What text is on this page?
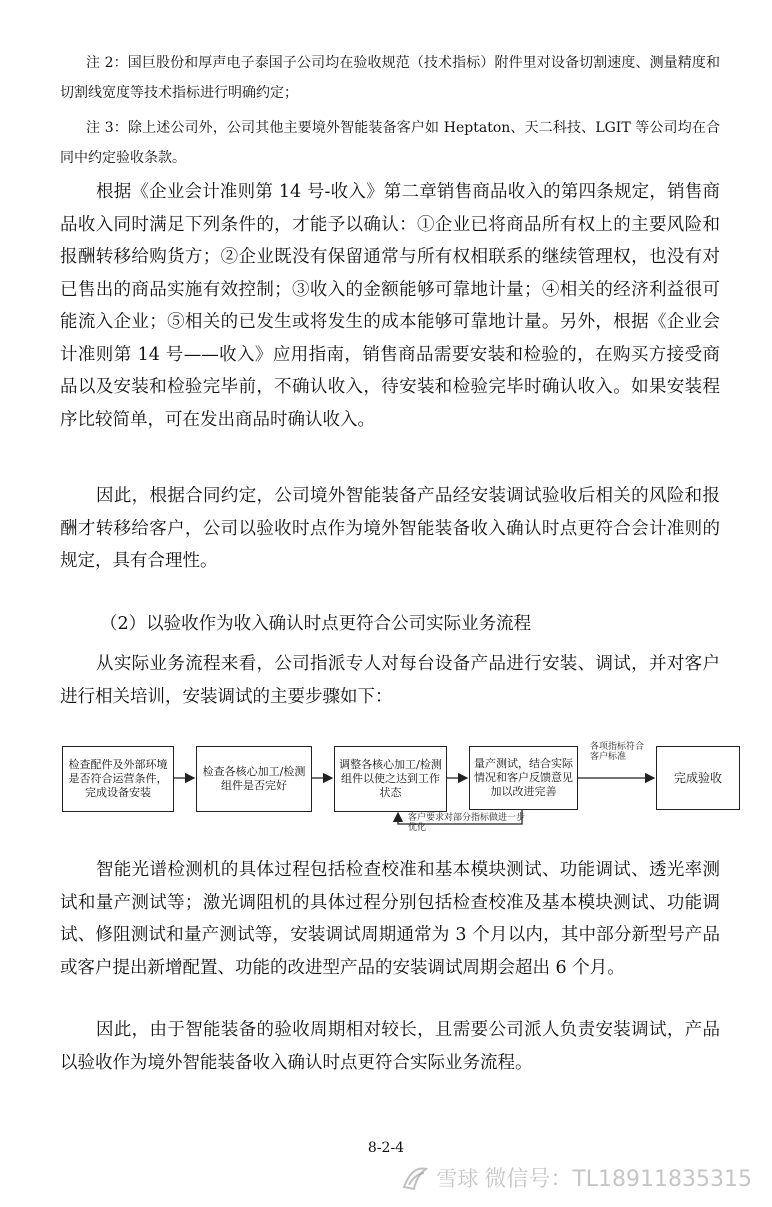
注 2：国巨股份和厚声电子泰国子公司均在验收规范（技术指标）附件里对设备切割速度、测量精度和切割线宽度等技术指标进行明确约定；
注 3：除上述公司外，公司其他主要境外智能装备客户如 Heptaton、天二科技、LGIT 等公司均在合同中约定验收条款。
根据《企业会计准则第 14 号-收入》第二章销售商品收入的第四条规定，销售商品收入同时满足下列条件的，才能予以确认：①企业已将商品所有权上的主要风险和报酬转移给购货方；②企业既没有保留通常与所有权相联系的继续管理权，也没有对已售出的商品实施有效控制；③收入的金额能够可靠地计量；④相关的经济利益很可能流入企业；⑤相关的已发生或将发生的成本能够可靠地计量。另外，根据《企业会计准则第 14 号——收入》应用指南，销售商品需要安装和检验的，在购买方接受商品以及安装和检验完毕前，不确认收入，待安装和检验完毕时确认收入。如果安装程序比较简单，可在发出商品时确认收入。
因此，根据合同约定，公司境外智能装备产品经安装调试验收后相关的风险和报酬才转移给客户，公司以验收时点作为境外智能装备收入确认时点更符合会计准则的规定，具有合理性。
（2）以验收作为收入确认时点更符合公司实际业务流程
从实际业务流程来看，公司指派专人对每台设备产品进行安装、调试，并对客户进行相关培训，安装调试的主要步骤如下：
检查配件及外部环境是否符合运营条件，完成设备安装
检查各核心加工/检测组件是否完好
调整各核心加工/检测组件以使之达到工作状态
量产测试，结合实际情况和客户反馈意见加以改进完善
完成验收
各项指标符合客户标准
客户要求对部分指标做进一步优化
智能光谱检测机的具体过程包括检查校准和基本模块测试、功能调试、透光率测试和量产测试等；激光调阻机的具体过程分别包括检查校准及基本模块测试、功能调试、修阻测试和量产测试等，安装调试周期通常为 3 个月以内，其中部分新型号产品或客户提出新增配置、功能的改进型产品的安装调试周期会超出 6 个月。
因此，由于智能装备的验收周期相对较长，且需要公司派人负责安装调试，产品以验收作为境外智能装备收入确认时点更符合实际业务流程。
8-2-4
雪球 微信号：TL18911835315
